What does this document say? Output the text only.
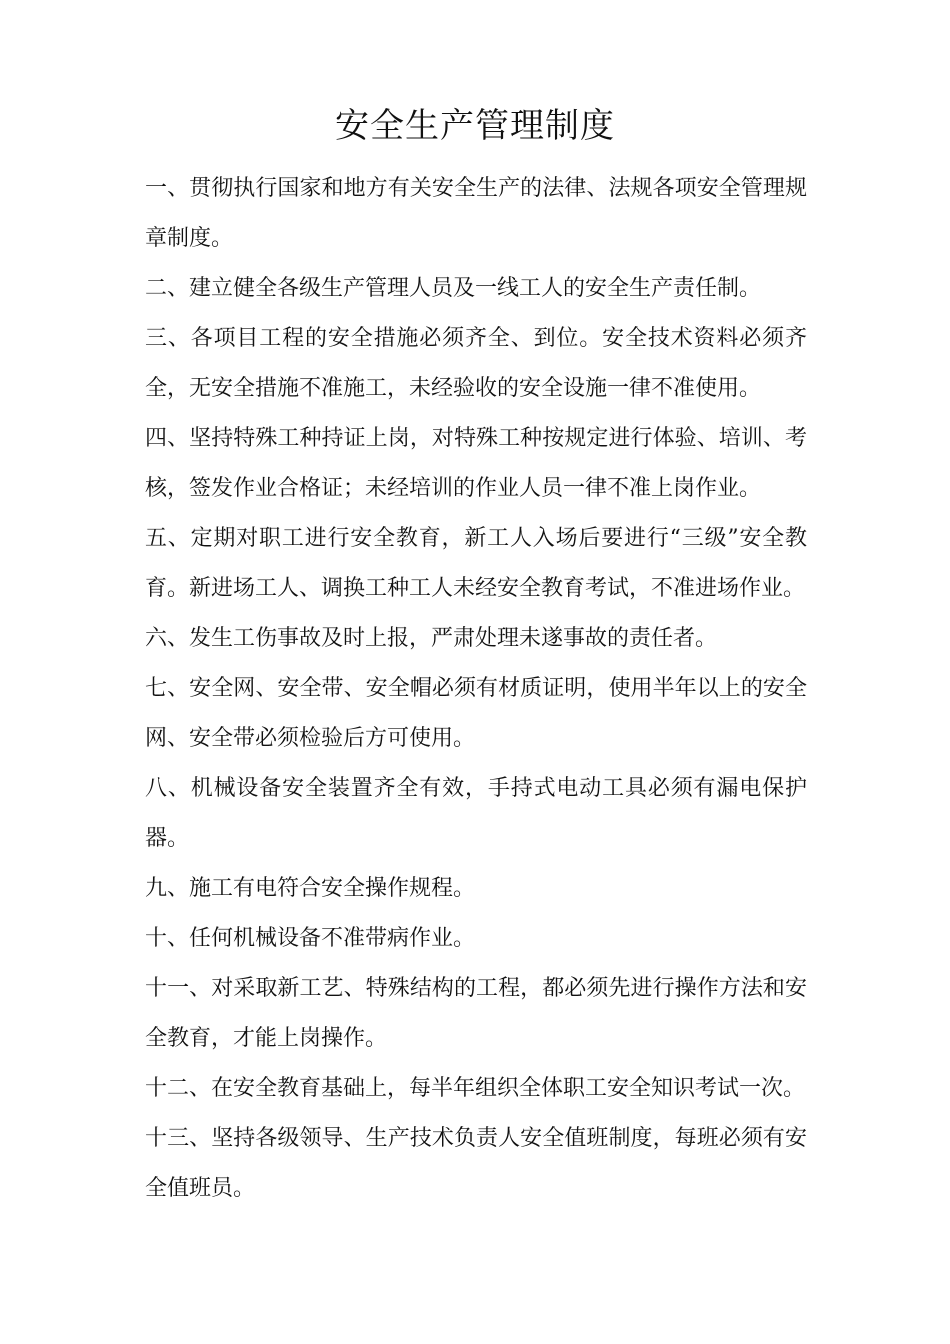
安全生产管理制度

一、贯彻执行国家和地方有关安全生产的法律、法规各项安全管理规章制度。

二、建立健全各级生产管理人员及一线工人的安全生产责任制。

三、各项目工程的安全措施必须齐全、到位。安全技术资料必须齐全，无安全措施不准施工，未经验收的安全设施一律不准使用。

四、坚持特殊工种持证上岗，对特殊工种按规定进行体验、培训、考核，签发作业合格证；未经培训的作业人员一律不准上岗作业。

五、定期对职工进行安全教育，新工人入场后要进行“三级”安全教育。新进场工人、调换工种工人未经安全教育考试，不准进场作业。

六、发生工伤事故及时上报，严肃处理未遂事故的责任者。

七、安全网、安全带、安全帽必须有材质证明，使用半年以上的安全网、安全带必须检验后方可使用。

八、机械设备安全装置齐全有效，手持式电动工具必须有漏电保护器。

九、施工有电符合安全操作规程。

十、任何机械设备不准带病作业。

十一、对采取新工艺、特殊结构的工程，都必须先进行操作方法和安全教育，才能上岗操作。

十二、在安全教育基础上，每半年组织全体职工安全知识考试一次。

十三、坚持各级领导、生产技术负责人安全值班制度，每班必须有安全值班员。
